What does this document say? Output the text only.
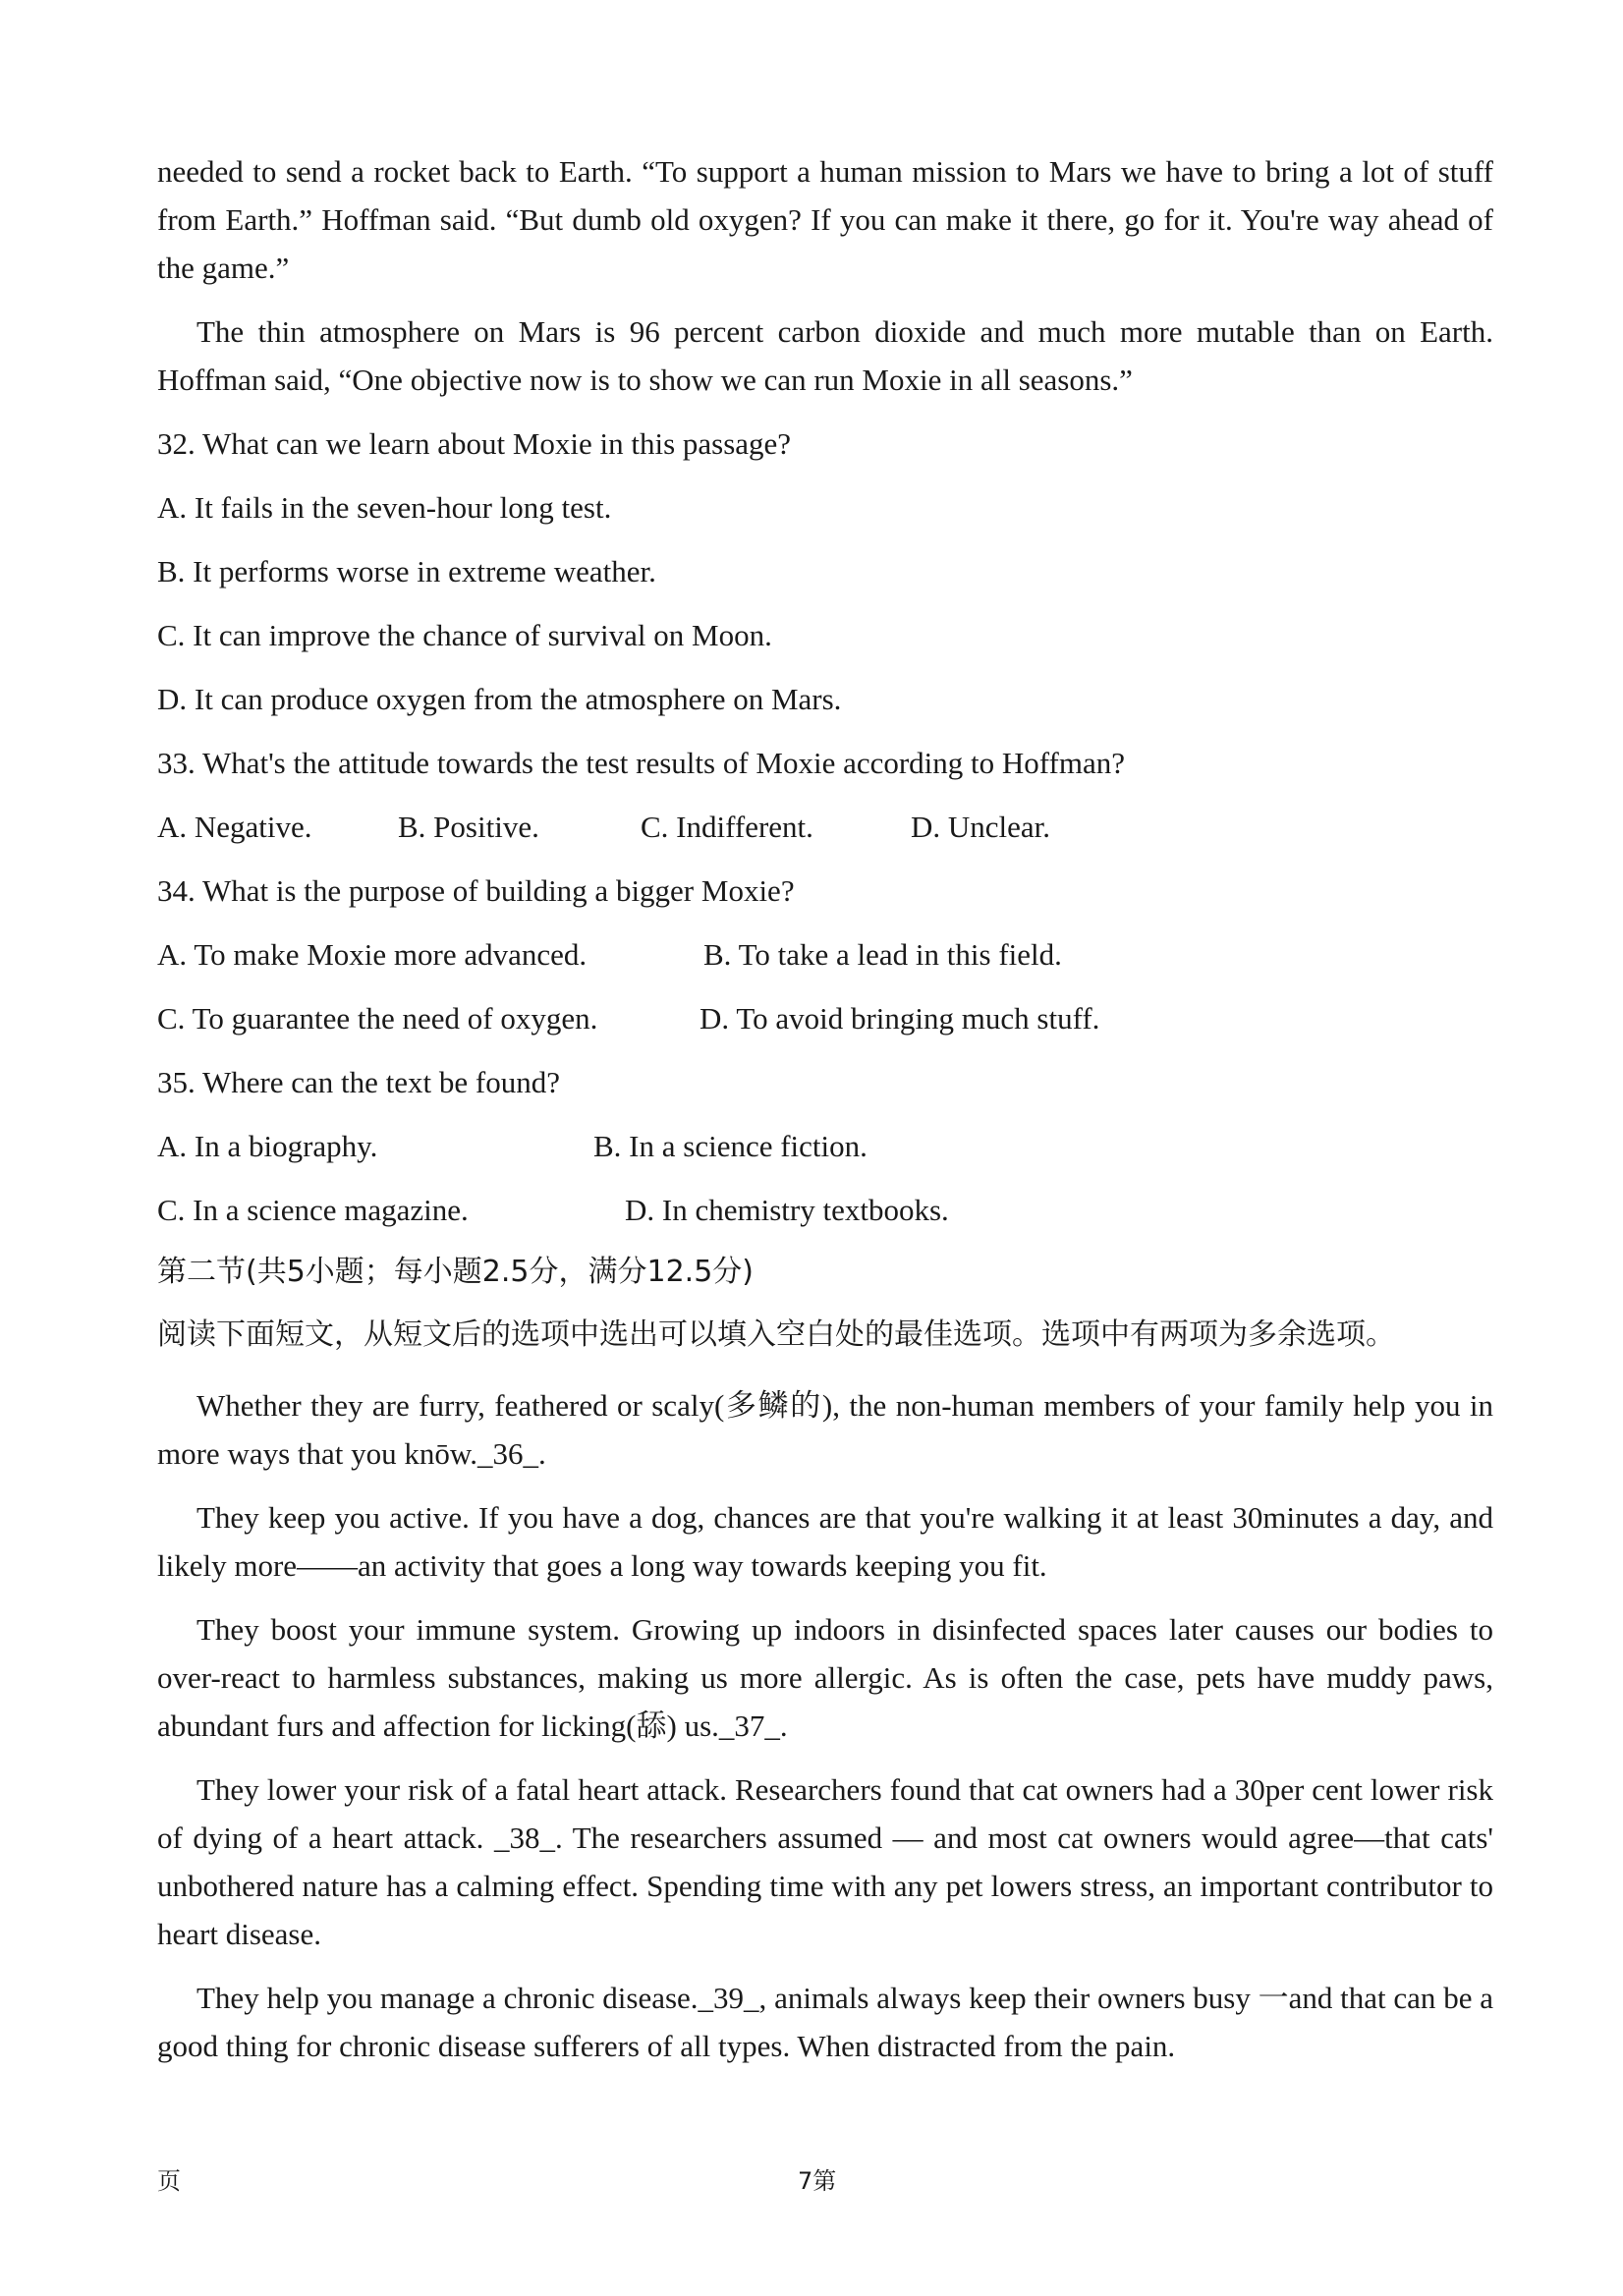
needed to send a rocket back to Earth. “To support a human mission to Mars we have to bring a lot of stuff from Earth.” Hoffman said. “But dumb old oxygen? If you can make it there, go for it. You're way ahead of the game.”

The thin atmosphere on Mars is 96 percent carbon dioxide and much more mutable than on Earth. Hoffman said, “One objective now is to show we can run Moxie in all seasons.”

32. What can we learn about Moxie in this passage?

A. It fails in the seven-hour long test.

B. It performs worse in extreme weather.

C. It can improve the chance of survival on Moon.

D. It can produce oxygen from the atmosphere on Mars.

33. What's the attitude towards the test results of Moxie according to Hoffman?

A. Negative.	B. Positive.	C. Indifferent.	D. Unclear.

34. What is the purpose of building a bigger Moxie?

A. To make Moxie more advanced.	B. To take a lead in this field.
C. To guarantee the need of oxygen.	D. To avoid bringing much stuff.

35. Where can the text be found?

A. In a biography.	B. In a science fiction.
C. In a science magazine.	D. In chemistry textbooks.

第二节(共5小题；每小题2.5分，满分12.5分)

阅读下面短文，从短文后的选项中选出可以填入空白处的最佳选项。选项中有两项为多余选项。

Whether they are furry, feathered or scaly(多鳞的), the non-human members of your family help you in more ways that you knōw._36_.

They keep you active. If you have a dog, chances are that you're walking it at least 30minutes a day, and likely more——an activity that goes a long way towards keeping you fit.

They boost your immune system. Growing up indoors in disinfected spaces later causes our bodies to over-react to harmless substances, making us more allergic. As is often the case, pets have muddy paws, abundant furs and affection for licking(舔) us._37_.

They lower your risk of a fatal heart attack. Researchers found that cat owners had a 30per cent lower risk of dying of a heart attack. _38_. The researchers assumed — and most cat owners would agree—that cats' unbothered nature has a calming effect. Spending time with any pet lowers stress, an important contributor to heart disease.

They help you manage a chronic disease._39_, animals always keep their owners busy 一and that can be a good thing for chronic disease sufferers of all types. When distracted from the pain.

页	7第
